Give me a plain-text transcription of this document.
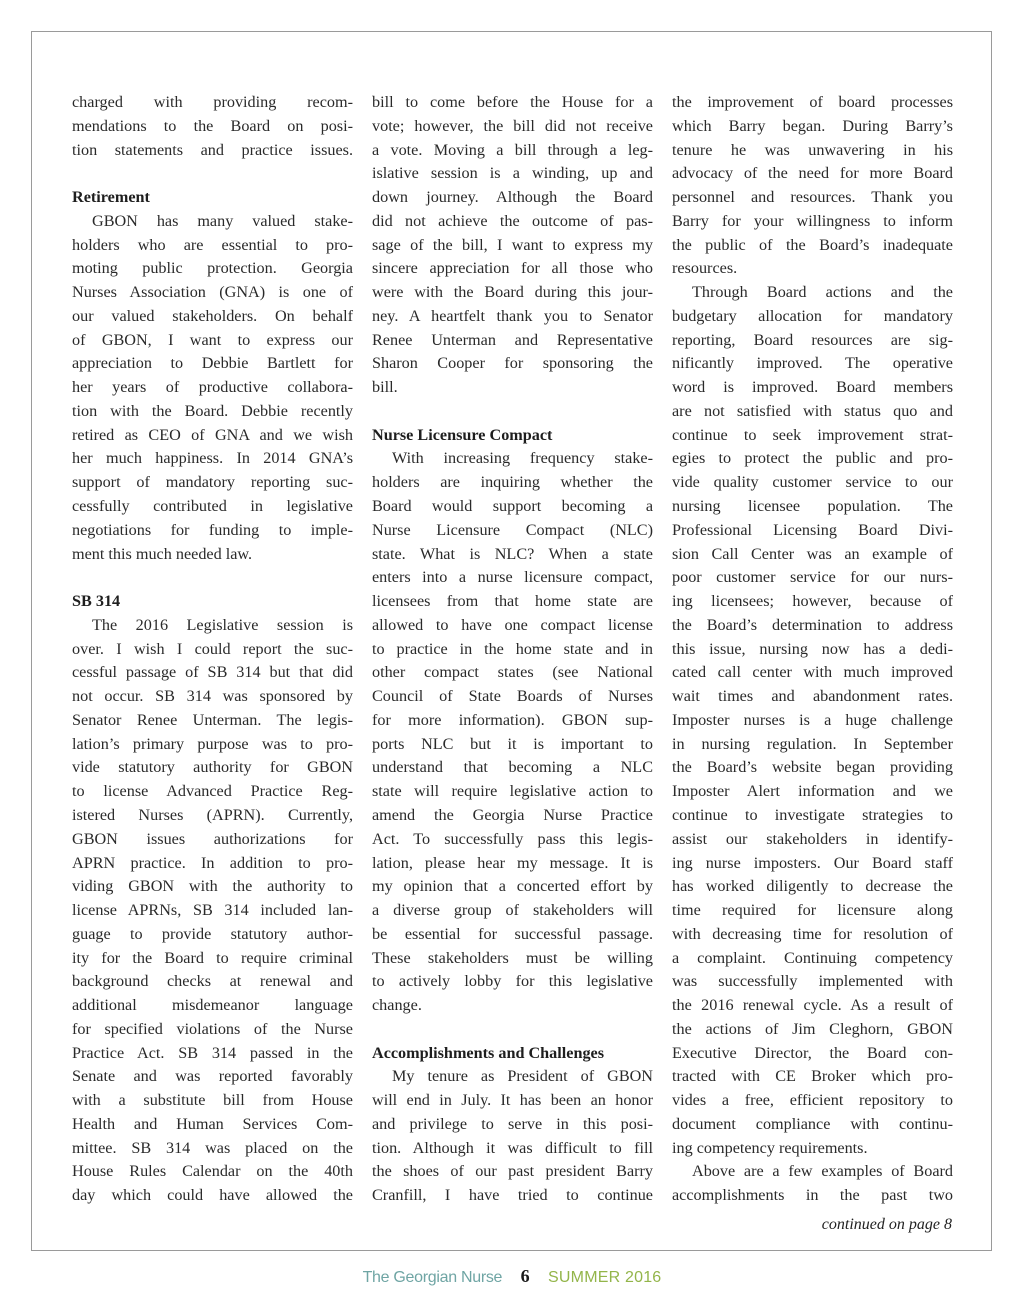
charged with providing recom-
mendations to the Board on posi-
tion statements and practice issues.
Retirement
GBON has many valued stake-
holders who are essential to pro-
moting public protection. Georgia
Nurses Association (GNA) is one of
our valued stakeholders. On behalf
of GBON, I want to express our
appreciation to Debbie Bartlett for
her years of productive collabora-
tion with the Board. Debbie recently
retired as CEO of GNA and we wish
her much happiness. In 2014 GNA’s
support of mandatory reporting suc-
cessfully contributed in legislative
negotiations for funding to imple-
ment this much needed law.
SB 314
The 2016 Legislative session is
over. I wish I could report the suc-
cessful passage of SB 314 but that did
not occur. SB 314 was sponsored by
Senator Renee Unterman. The legis-
lation’s primary purpose was to pro-
vide statutory authority for GBON
to license Advanced Practice Reg-
istered Nurses (APRN). Currently,
GBON issues authorizations for
APRN practice. In addition to pro-
viding GBON with the authority to
license APRNs, SB 314 included lan-
guage to provide statutory author-
ity for the Board to require criminal
background checks at renewal and
additional misdemeanor language
for specified violations of the Nurse
Practice Act. SB 314 passed in the
Senate and was reported favorably
with a substitute bill from House
Health and Human Services Com-
mittee. SB 314 was placed on the
House Rules Calendar on the 40th
day which could have allowed the
bill to come before the House for a
vote; however, the bill did not receive
a vote. Moving a bill through a leg-
islative session is a winding, up and
down journey. Although the Board
did not achieve the outcome of pas-
sage of the bill, I want to express my
sincere appreciation for all those who
were with the Board during this jour-
ney. A heartfelt thank you to Senator
Renee Unterman and Representative
Sharon Cooper for sponsoring the
bill.
Nurse Licensure Compact
With increasing frequency stake-
holders are inquiring whether the
Board would support becoming a
Nurse Licensure Compact (NLC)
state. What is NLC? When a state
enters into a nurse licensure compact,
licensees from that home state are
allowed to have one compact license
to practice in the home state and in
other compact states (see National
Council of State Boards of Nurses
for more information). GBON sup-
ports NLC but it is important to
understand that becoming a NLC
state will require legislative action to
amend the Georgia Nurse Practice
Act. To successfully pass this legis-
lation, please hear my message. It is
my opinion that a concerted effort by
a diverse group of stakeholders will
be essential for successful passage.
These stakeholders must be willing
to actively lobby for this legislative
change.
Accomplishments and Challenges
My tenure as President of GBON
will end in July. It has been an honor
and privilege to serve in this posi-
tion. Although it was difficult to fill
the shoes of our past president Barry
Cranfill, I have tried to continue
the improvement of board processes
which Barry began. During Barry’s
tenure he was unwavering in his
advocacy of the need for more Board
personnel and resources. Thank you
Barry for your willingness to inform
the public of the Board’s inadequate
resources.
Through Board actions and the
budgetary allocation for mandatory
reporting, Board resources are sig-
nificantly improved. The operative
word is improved. Board members
are not satisfied with status quo and
continue to seek improvement strat-
egies to protect the public and pro-
vide quality customer service to our
nursing licensee population. The
Professional Licensing Board Divi-
sion Call Center was an example of
poor customer service for our nurs-
ing licensees; however, because of
the Board’s determination to address
this issue, nursing now has a dedi-
cated call center with much improved
wait times and abandonment rates.
Imposter nurses is a huge challenge
in nursing regulation. In September
the Board’s website began providing
Imposter Alert information and we
continue to investigate strategies to
assist our stakeholders in identify-
ing nurse imposters. Our Board staff
has worked diligently to decrease the
time required for licensure along
with decreasing time for resolution of
a complaint. Continuing competency
was successfully implemented with
the 2016 renewal cycle. As a result of
the actions of Jim Cleghorn, GBON
Executive Director, the Board con-
tracted with CE Broker which pro-
vides a free, efficient repository to
document compliance with continu-
ing competency requirements.
Above are a few examples of Board
accomplishments in the past two
continued on page 8
The Georgian Nurse 6 SUMMER 2016
